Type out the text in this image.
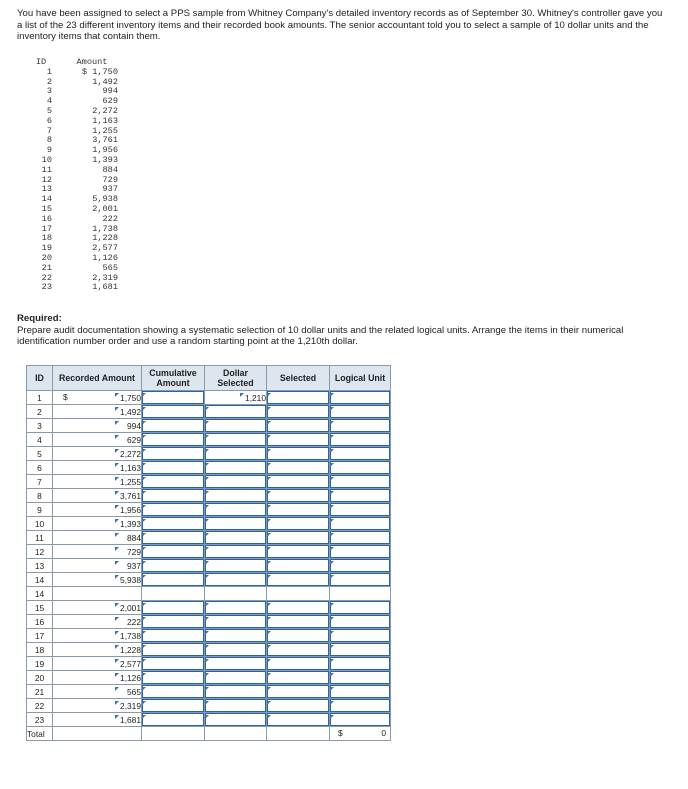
You have been assigned to select a PPS sample from Whitney Company's detailed inventory records as of September 30. Whitney's controller gave you a list of the 23 different inventory items and their recorded book amounts. The senior accountant told you to select a sample of 10 dollar units and the inventory items that contain them.

ID	Amount
1	$ 1,750
2	1,492
3	994
4	629
5	2,272
6	1,163
7	1,255
8	3,761
9	1,956
10	1,393
11	884
12	729
13	937
14	5,938
15	2,001
16	222
17	1,738
18	1,228
19	2,577
20	1,126
21	565
22	2,319
23	1,681
Required:
Prepare audit documentation showing a systematic selection of 10 dollar units and the related logical units. Arrange the items in their numerical identification number order and use a random starting point at the 1,210th dollar.
ID	Recorded Amount	Cumulative Amount	Dollar Selected	Selected	Logical Unit
1	$ 1,750		1,210

2	1,492

3	994

4	629

5	2,272

6	1,163

7	1,255

8	3,761

9	1,956

10	1,393

11	884

12	729

13	937

14	5,938

14					
15	2,001

16	222

17	1,738

18	1,228

19	2,577

20	1,126

21	565

22	2,319

23	1,681

Total					$ 0
